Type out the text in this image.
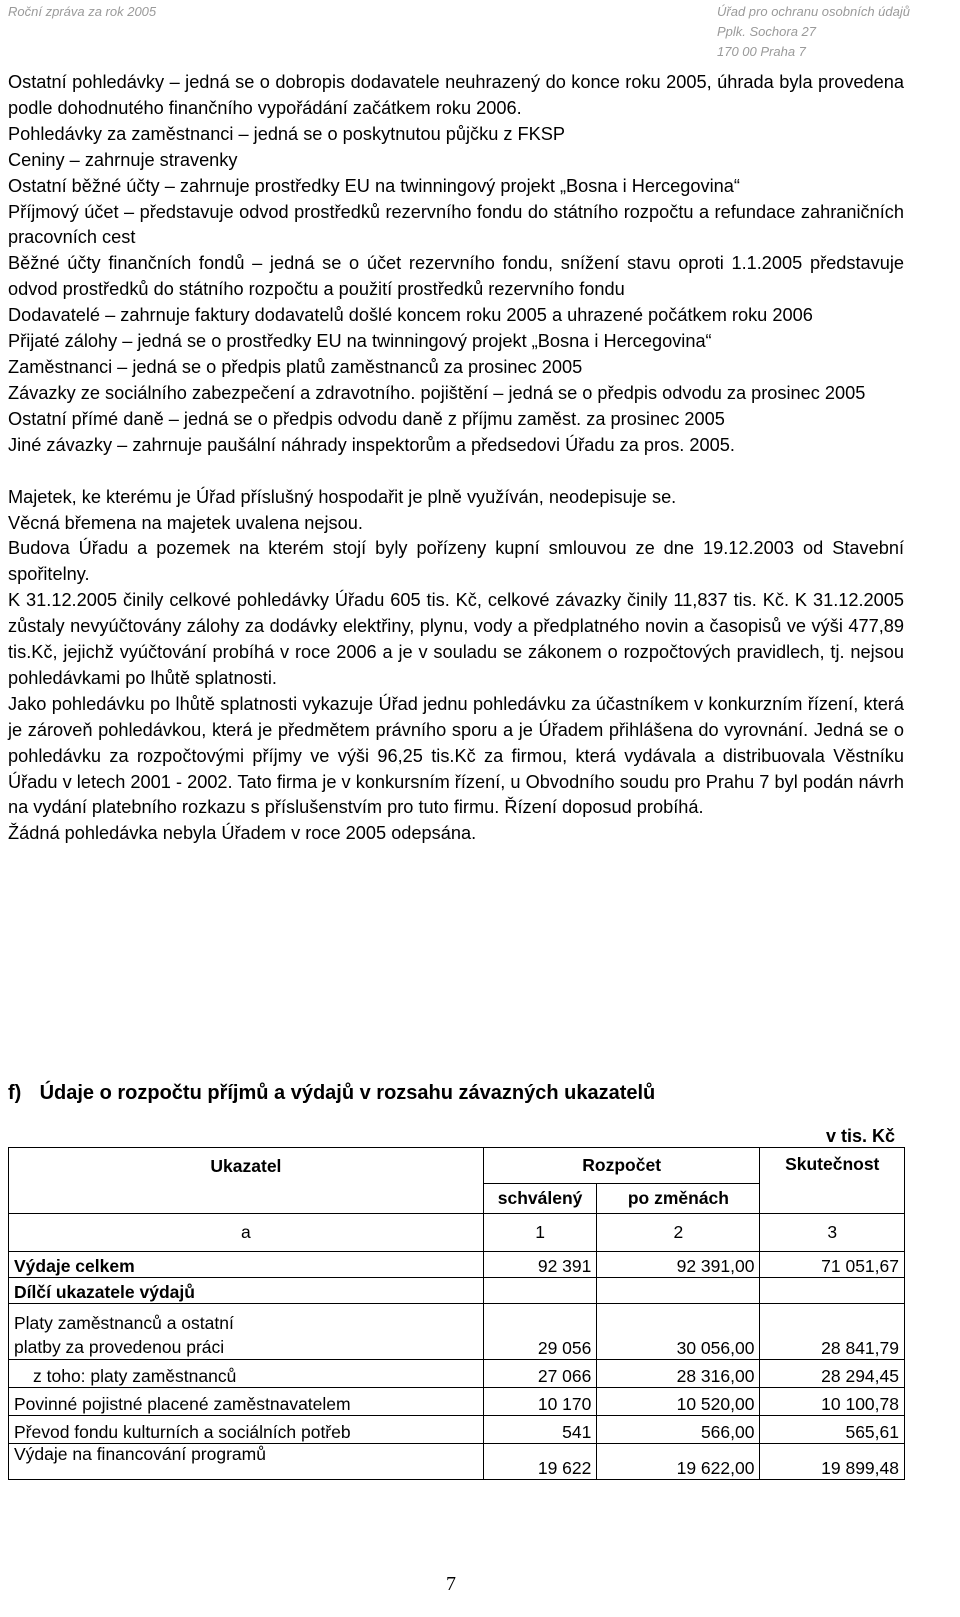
Roční zpráva za rok 2005	Úřad pro ochranu osobních údajů
Pplk. Sochora 27
170 00 Praha 7

Ostatní pohledávky – jedná se o dobropis dodavatele neuhrazený do konce roku 2005, úhrada byla provedena podle dohodnutého finančního vypořádání začátkem roku 2006.

Pohledávky za zaměstnanci – jedná se o poskytnutou půjčku z FKSP

Ceniny – zahrnuje stravenky

Ostatní běžné účty – zahrnuje prostředky EU na twinningový projekt „Bosna i Hercegovina“

Příjmový účet – představuje odvod prostředků rezervního fondu do státního rozpočtu a refundace zahraničních pracovních cest

Běžné účty finančních fondů – jedná se o účet rezervního fondu, snížení stavu oproti 1.1.2005 představuje odvod prostředků do státního rozpočtu a použití prostředků rezervního fondu

Dodavatelé – zahrnuje faktury dodavatelů došlé koncem roku 2005 a uhrazené počátkem roku 2006

Přijaté zálohy – jedná se o prostředky EU na twinningový projekt „Bosna i Hercegovina“

Zaměstnanci – jedná se o předpis platů zaměstnanců za prosinec 2005

Závazky ze sociálního zabezpečení a zdravotního. pojištění – jedná se o předpis odvodu za prosinec 2005

Ostatní přímé daně – jedná se o předpis odvodu daně z příjmu zaměst. za prosinec 2005

Jiné závazky – zahrnuje paušální náhrady inspektorům a předsedovi Úřadu za pros. 2005.

Majetek, ke kterému je Úřad příslušný hospodařit je plně využíván, neodepisuje se.

Věcná břemena na majetek uvalena nejsou.

Budova Úřadu a pozemek na kterém stojí byly pořízeny kupní smlouvou ze dne 19.12.2003 od Stavební spořitelny.

K 31.12.2005 činily celkové pohledávky Úřadu 605 tis. Kč, celkové závazky činily 11,837 tis. Kč. K 31.12.2005 zůstaly nevyúčtovány zálohy za dodávky elektřiny, plynu, vody a předplatného novin a časopisů ve výši 477,89 tis.Kč, jejichž vyúčtování probíhá v roce 2006 a je v souladu se zákonem o rozpočtových pravidlech, tj. nejsou pohledávkami po lhůtě splatnosti.

Jako pohledávku po lhůtě splatnosti vykazuje Úřad jednu pohledávku za účastníkem v konkurzním řízení, která je zároveň pohledávkou, která je předmětem právního sporu a je Úřadem přihlášena do vyrovnání. Jedná se o pohledávku za rozpočtovými příjmy ve výši 96,25 tis.Kč za firmou, která vydávala a distribuovala Věstníku Úřadu v letech 2001 - 2002. Tato firma je v konkursním řízení, u Obvodního soudu pro Prahu 7 byl podán návrh na vydání platebního rozkazu s příslušenstvím pro tuto firmu. Řízení doposud probíhá.

Žádná pohledávka nebyla Úřadem v roce 2005 odepsána.

f) Údaje o rozpočtu příjmů a výdajů v rozsahu závazných ukazatelů
v tis. Kč
Ukazatel	Rozpočet		Skutečnost
	schválený	po změnách	
a	1	2	3
Výdaje celkem	92 391	92 391,00	71 051,67
Dílčí ukazatele výdajů			

Platy zaměstnanců a ostatní
platby za provedenou práci	29 056	30 056,00	28 841,79
z toho: platy zaměstnanců	27 066	28 316,00	28 294,45
Povinné pojistné placené zaměstnavatelem	10 170	10 520,00	10 100,78
Převod fondu kulturních a sociálních potřeb	541	566,00	565,61
Výdaje na financování programů	19 622	19 622,00	19 899,48
7
